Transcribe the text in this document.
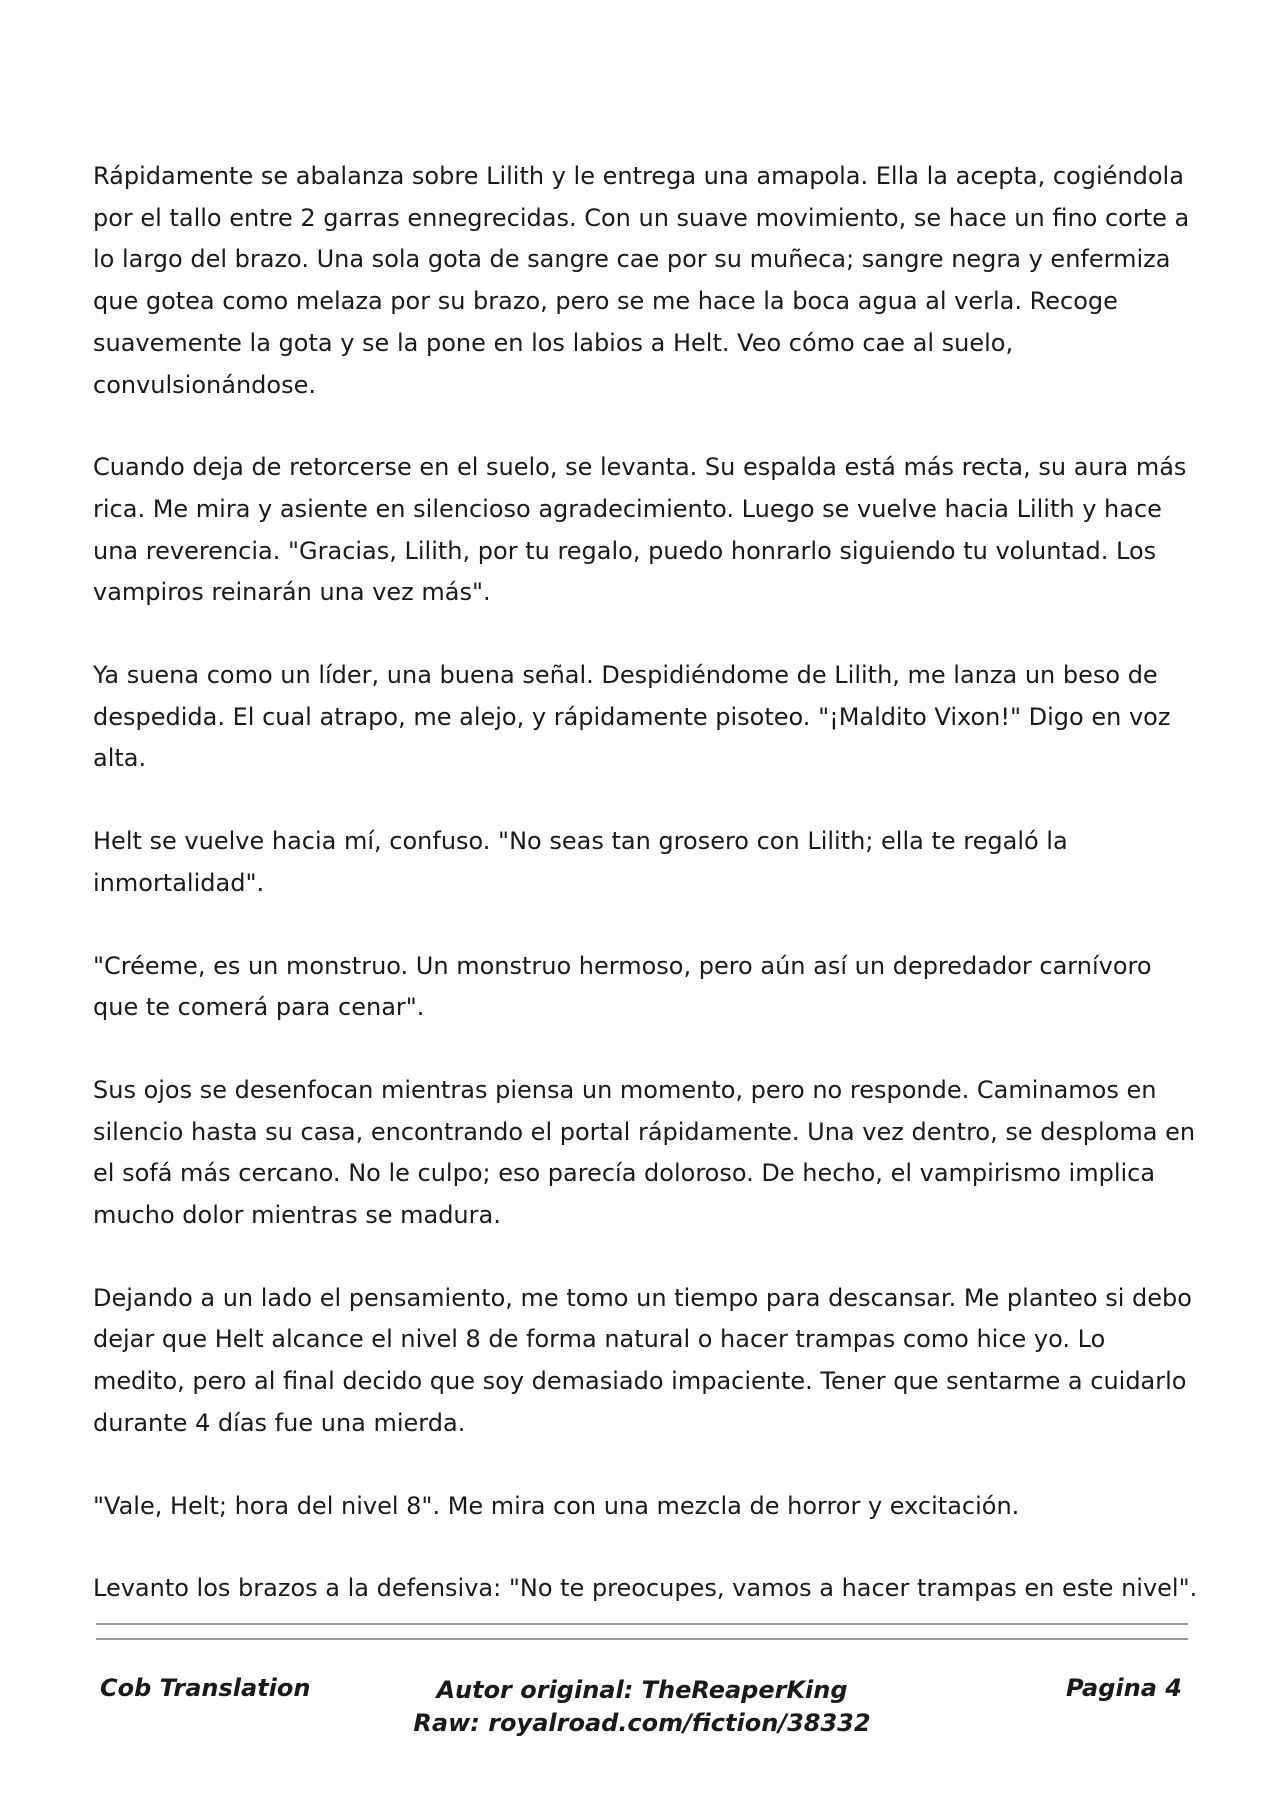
Rápidamente se abalanza sobre Lilith y le entrega una amapola. Ella la acepta, cogiéndola por el tallo entre 2 garras ennegrecidas. Con un suave movimiento, se hace un fino corte a lo largo del brazo. Una sola gota de sangre cae por su muñeca; sangre negra y enfermiza que gotea como melaza por su brazo, pero se me hace la boca agua al verla. Recoge suavemente la gota y se la pone en los labios a Helt. Veo cómo cae al suelo, convulsionándose.

Cuando deja de retorcerse en el suelo, se levanta. Su espalda está más recta, su aura más rica. Me mira y asiente en silencioso agradecimiento. Luego se vuelve hacia Lilith y hace una reverencia. "Gracias, Lilith, por tu regalo, puedo honrarlo siguiendo tu voluntad. Los vampiros reinarán una vez más".

Ya suena como un líder, una buena señal. Despidiéndome de Lilith, me lanza un beso de despedida. El cual atrapo, me alejo, y rápidamente pisoteo. "¡Maldito Vixon!" Digo en voz alta.

Helt se vuelve hacia mí, confuso. "No seas tan grosero con Lilith; ella te regaló la inmortalidad".

"Créeme, es un monstruo. Un monstruo hermoso, pero aún así un depredador carnívoro que te comerá para cenar".

Sus ojos se desenfocan mientras piensa un momento, pero no responde. Caminamos en silencio hasta su casa, encontrando el portal rápidamente. Una vez dentro, se desploma en el sofá más cercano. No le culpo; eso parecía doloroso. De hecho, el vampirismo implica mucho dolor mientras se madura.

Dejando a un lado el pensamiento, me tomo un tiempo para descansar. Me planteo si debo dejar que Helt alcance el nivel 8 de forma natural o hacer trampas como hice yo. Lo medito, pero al final decido que soy demasiado impaciente. Tener que sentarme a cuidarlo durante 4 días fue una mierda.

"Vale, Helt; hora del nivel 8". Me mira con una mezcla de horror y excitación.

Levanto los brazos a la defensiva: "No te preocupes, vamos a hacer trampas en este nivel".

Cob Translation	Autor original: TheReaperKing
Raw: royalroad.com/fiction/38332
Pagina 4
